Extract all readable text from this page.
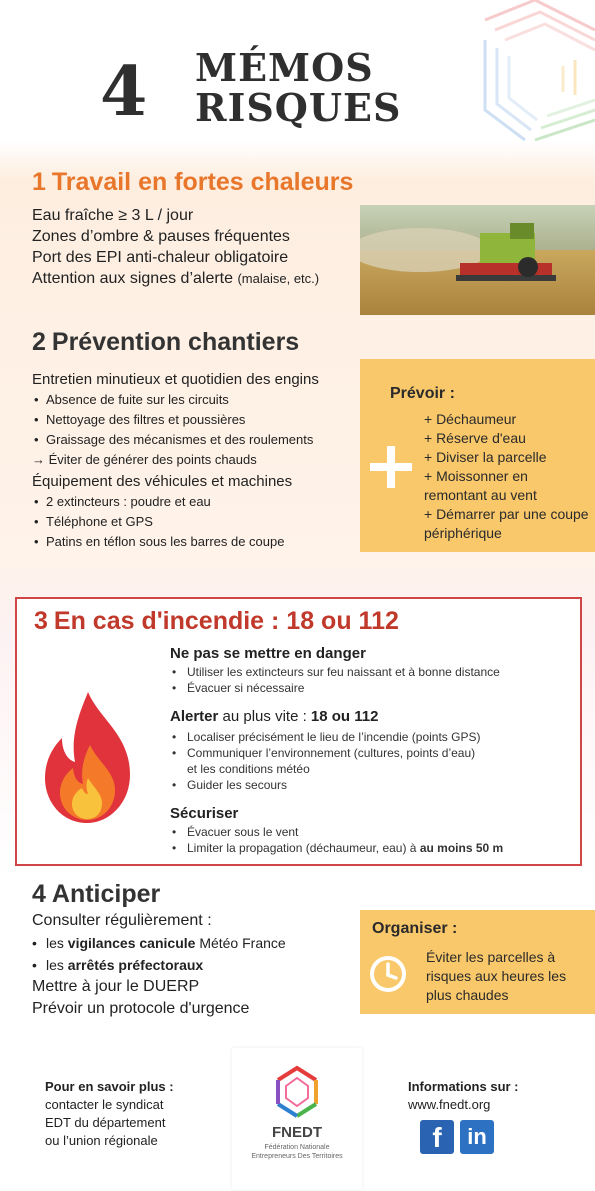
4 MÉMOS
RISQUES
1 Travail en fortes chaleurs
Eau fraîche ≥ 3 L / jour
Zones d’ombre & pauses fréquentes
Port des EPI anti-chaleur obligatoire
Attention aux signes d’alerte (malaise, etc.)
2 Prévention chantiers
Entretien minutieux et quotidien des engins
• Absence de fuite sur les circuits
• Nettoyage des filtres et poussières
• Graissage des mécanismes et des roulements
→ Éviter de générer des points chauds
Équipement des véhicules et machines
• 2 extincteurs : poudre et eau
• Téléphone et GPS
• Patins en téflon sous les barres de coupe
Prévoir :
+ Déchaumeur
+ Réserve d'eau
+ Diviser la parcelle
+ Moissonner en remontant au vent
+ Démarrer par une coupe périphérique
3 En cas d'incendie : 18 ou 112
Ne pas se mettre en danger
• Utiliser les extincteurs sur feu naissant et à bonne distance
• Évacuer si nécessaire
Alerter au plus vite : 18 ou 112
• Localiser précisément le lieu de l’incendie (points GPS)
• Communiquer l’environnement (cultures, points d’eau)
et les conditions météo
• Guider les secours
Sécuriser
• Évacuer sous le vent
• Limiter la propagation (déchaumeur, eau) à au moins 50 m
4 Anticiper
Consulter régulièrement :
• les vigilances canicule Météo France
• les arrêtés préfectoraux
Mettre à jour le DUERP
Prévoir un protocole d'urgence
Organiser :
Éviter les parcelles à risques aux heures les plus chaudes
Pour en savoir plus :
contacter le syndicat
EDT du département
ou l’union régionale	FNEDT
Fédération Nationale
Entrepreneurs Des Territoires
Informations sur :
www.fnedt.org
f	in
